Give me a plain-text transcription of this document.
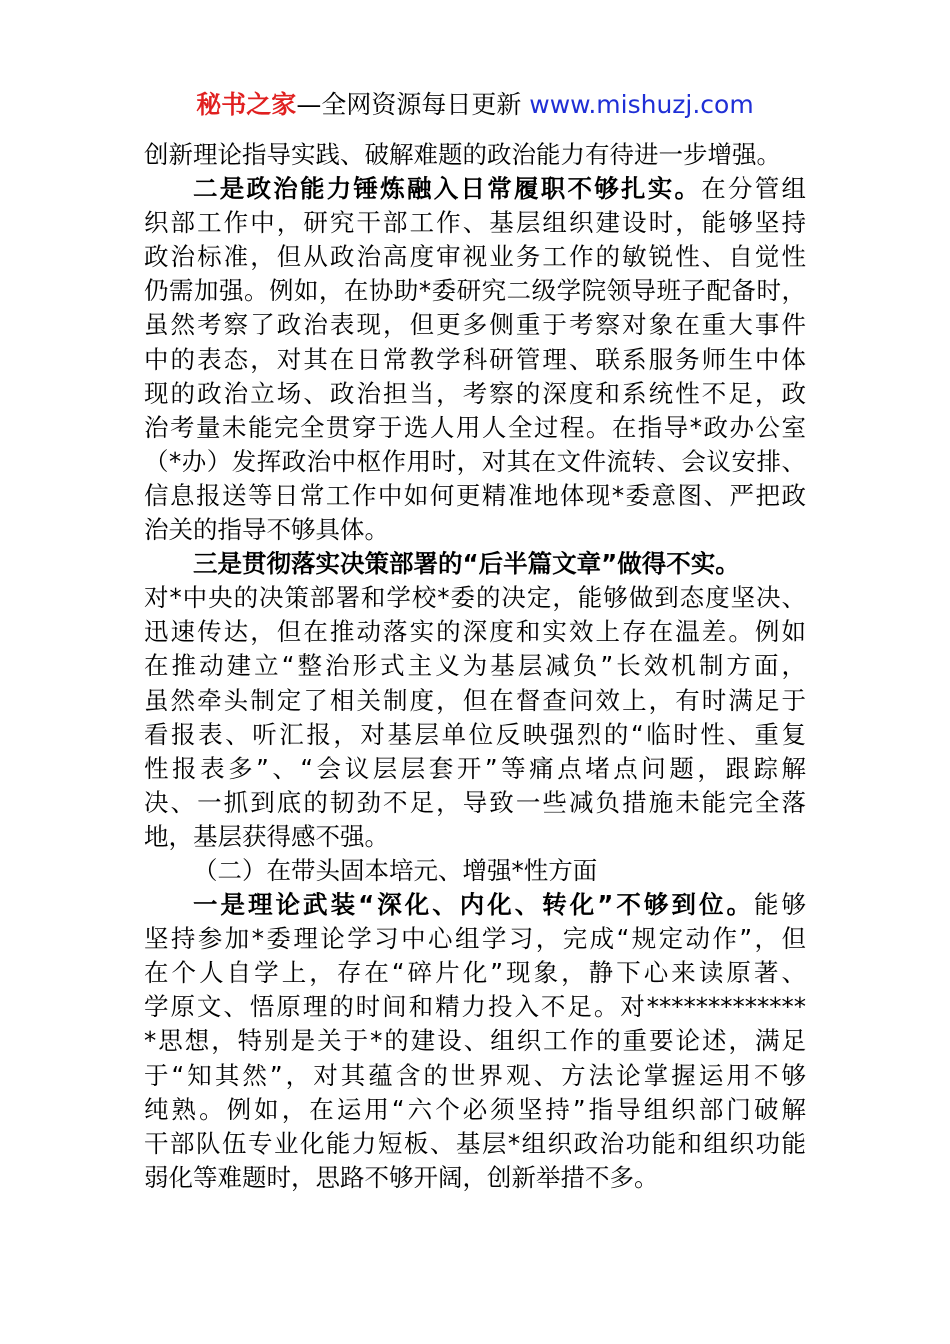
秘书之家—全网资源每日更新 www.mishuzj.com
创新理论指导实践、破解难题的政治能力有待进一步增强。
二是政治能力锤炼融入日常履职不够扎实。在分管组
织部工作中，研究干部工作、基层组织建设时，能够坚持
政治标准，但从政治高度审视业务工作的敏锐性、自觉性
仍需加强。例如，在协助*委研究二级学院领导班子配备时，
虽然考察了政治表现，但更多侧重于考察对象在重大事件
中的表态，对其在日常教学科研管理、联系服务师生中体
现的政治立场、政治担当，考察的深度和系统性不足，政
治考量未能完全贯穿于选人用人全过程。在指导*政办公室
（*办）发挥政治中枢作用时，对其在文件流转、会议安排、
信息报送等日常工作中如何更精准地体现*委意图、严把政
治关的指导不够具体。
三是贯彻落实决策部署的“后半篇文章”做得不实。
对*中央的决策部署和学校*委的决定，能够做到态度坚决、
迅速传达，但在推动落实的深度和实效上存在温差。例如
在推动建立“整治形式主义为基层减负”长效机制方面，
虽然牵头制定了相关制度，但在督查问效上，有时满足于
看报表、听汇报，对基层单位反映强烈的“临时性、重复
性报表多”、“会议层层套开”等痛点堵点问题，跟踪解
决、一抓到底的韧劲不足，导致一些减负措施未能完全落
地，基层获得感不强。
（二）在带头固本培元、增强*性方面
一是理论武装“深化、内化、转化”不够到位。能够
坚持参加*委理论学习中心组学习，完成“规定动作”，但
在个人自学上，存在“碎片化”现象，静下心来读原著、
学原文、悟原理的时间和精力投入不足。对*************
*思想，特别是关于*的建设、组织工作的重要论述，满足
于“知其然”，对其蕴含的世界观、方法论掌握运用不够
纯熟。例如，在运用“六个必须坚持”指导组织部门破解
干部队伍专业化能力短板、基层*组织政治功能和组织功能
弱化等难题时，思路不够开阔，创新举措不多。
